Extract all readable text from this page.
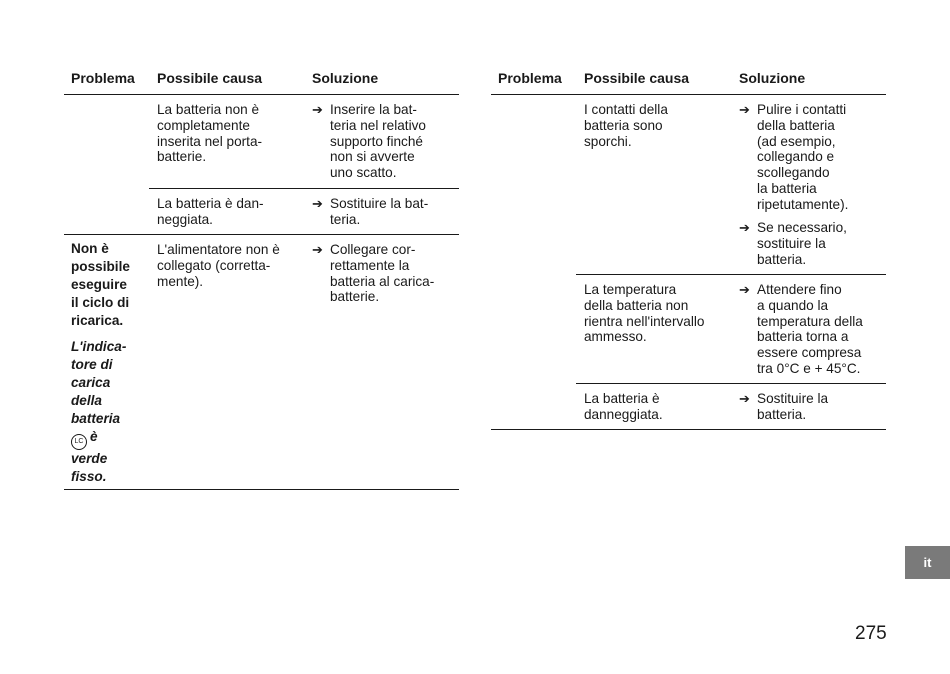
Problema Possibile causa	Soluzione
La batteria non è
completamente
inserita nel porta-
batterie.
➔ Inserire la bat-
teria nel relativo
supporto finché
non si avverte
uno scatto.
La batteria è dan-
neggiata.
➔ Sostituire la bat-
teria.
Non è
possibile
eseguire
il ciclo di
ricarica.
L'indica-
tore di
carica
della
batteria
LC è
verde
fisso.
L'alimentatore non è
collegato (corretta-
mente).
➔ Collegare cor-
rettamente la
batteria al carica-
batterie.
Problema Possibile causa	Soluzione
I contatti della
batteria sono
sporchi.
➔ Pulire i contatti
della batteria
(ad esempio,
collegando e
scollegando
la batteria
ripetutamente).
➔ Se necessario,
sostituire la
batteria.
La temperatura
della batteria non
rientra nell'intervallo
ammesso.
➔ Attendere fino
a quando la
temperatura della
batteria torna a
essere compresa
tra 0°C e + 45°C.
La batteria è
danneggiata.
➔ Sostituire la
batteria.
it
275
